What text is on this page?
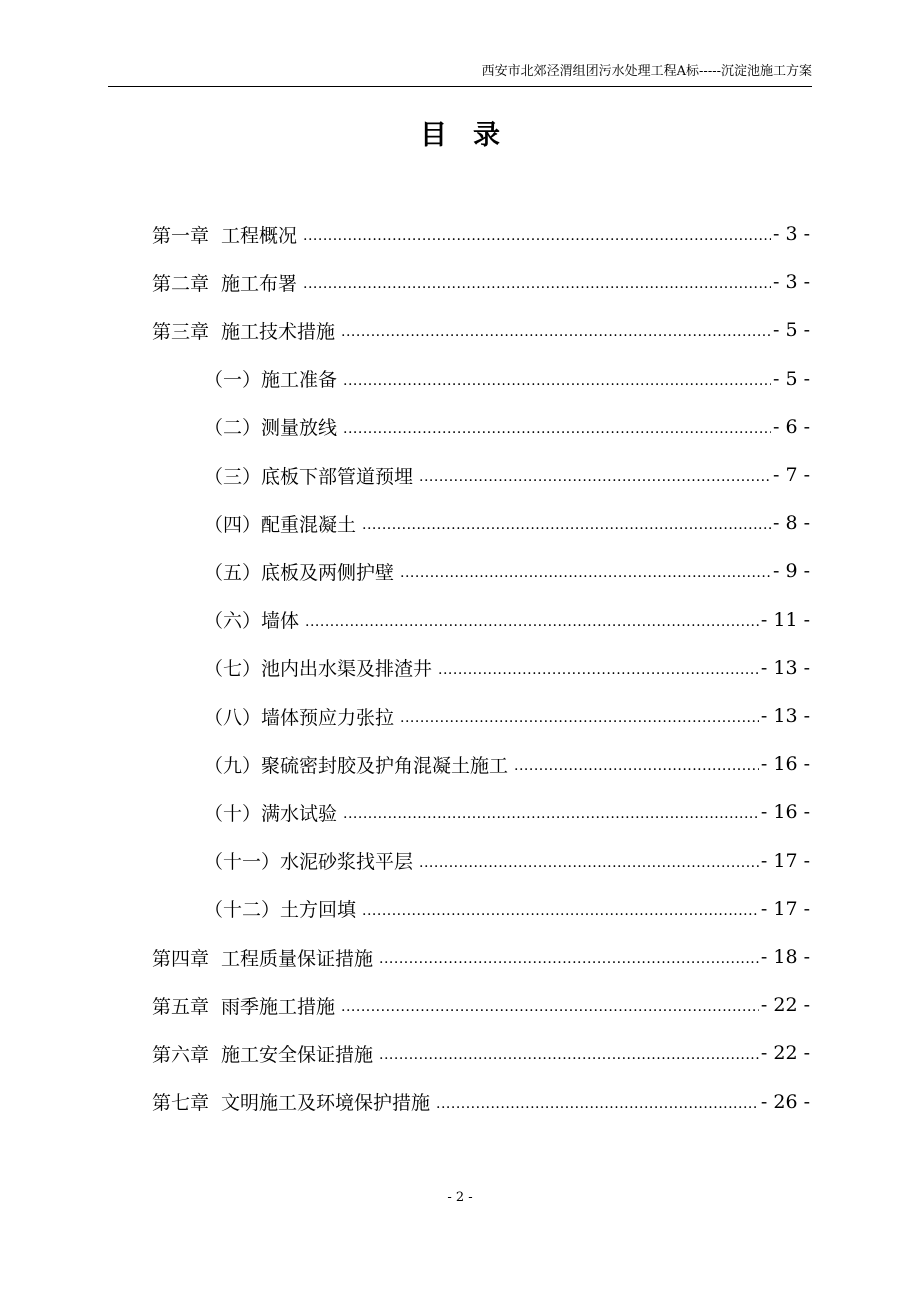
西安市北郊泾渭组团污水处理工程A标-----沉淀池施工方案
目录
第一章 工程概况 .....	- 3 -
第二章 施工布署 .....	- 3 -
第三章 施工技术措施 .....	- 5 -
（一）施工准备 .....	- 5 -
（二）测量放线 .....	- 6 -
（三）底板下部管道预埋 .....	- 7 -
（四）配重混凝土 .....	- 8 -
（五）底板及两侧护壁 .....	- 9 -
（六）墙体 .....	- 11 -
（七）池内出水渠及排渣井 .....	- 13 -
（八）墙体预应力张拉 .....	- 13 -
（九）聚硫密封胶及护角混凝土施工 .....	- 16 -
（十）满水试验 .....	- 16 -
（十一）水泥砂浆找平层 .....	- 17 -
（十二）土方回填 .....	- 17 -
第四章 工程质量保证措施 .....	- 18 -
第五章 雨季施工措施 .....	- 22 -
第六章 施工安全保证措施 .....	- 22 -
第七章 文明施工及环境保护措施 .....	- 26 -
- 2 -
